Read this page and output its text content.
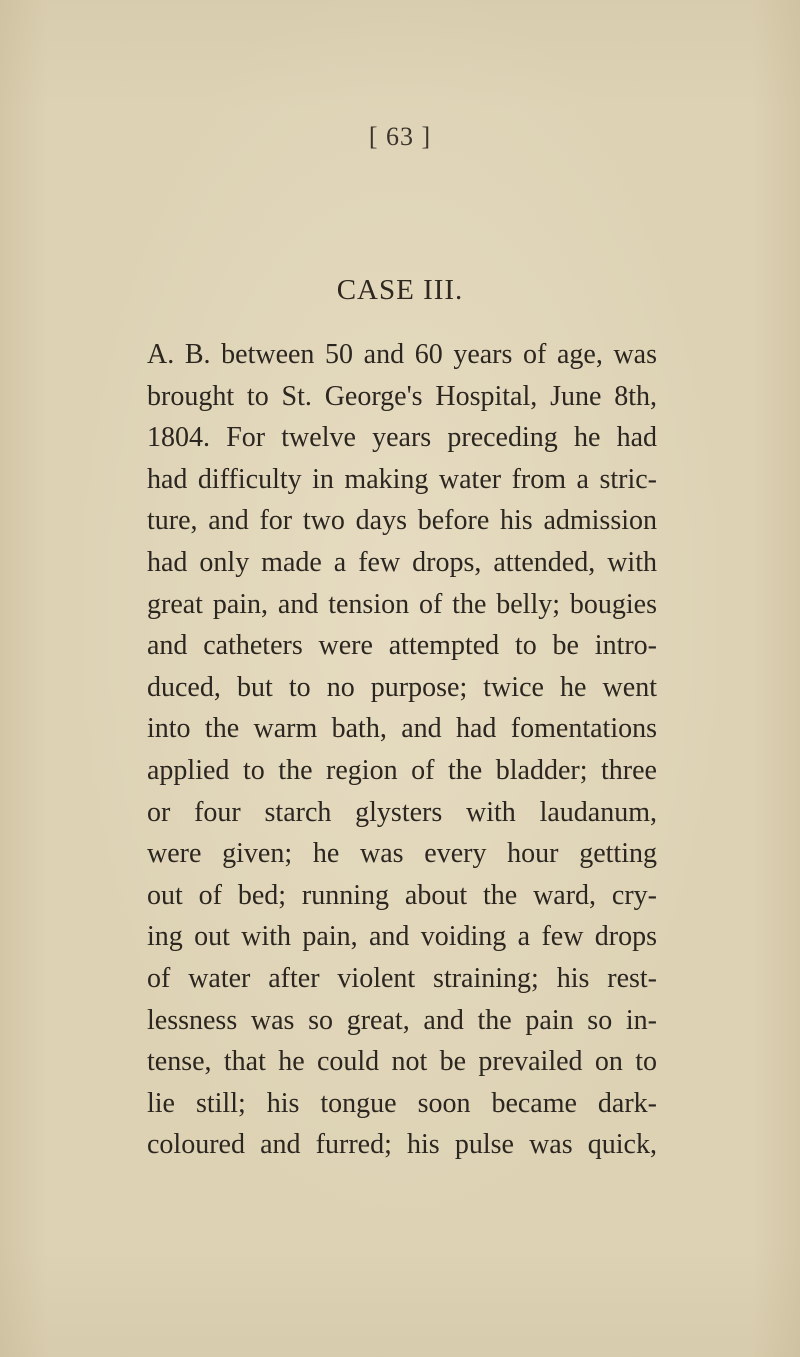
[ 63 ]
CASE III.
A. B. between 50 and 60 years of age, was
brought to St. George's Hospital, June 8th,
1804. For twelve years preceding he had
had difficulty in making water from a stric-
ture, and for two days before his admission
had only made a few drops, attended, with
great pain, and tension of the belly; bougies
and catheters were attempted to be intro-
duced, but to no purpose; twice he went
into the warm bath, and had fomentations
applied to the region of the bladder; three
or four starch glysters with laudanum,
were given; he was every hour getting
out of bed; running about the ward, cry-
ing out with pain, and voiding a few drops
of water after violent straining; his rest-
lessness was so great, and the pain so in-
tense, that he could not be prevailed on to
lie still; his tongue soon became dark-
coloured and furred; his pulse was quick,
